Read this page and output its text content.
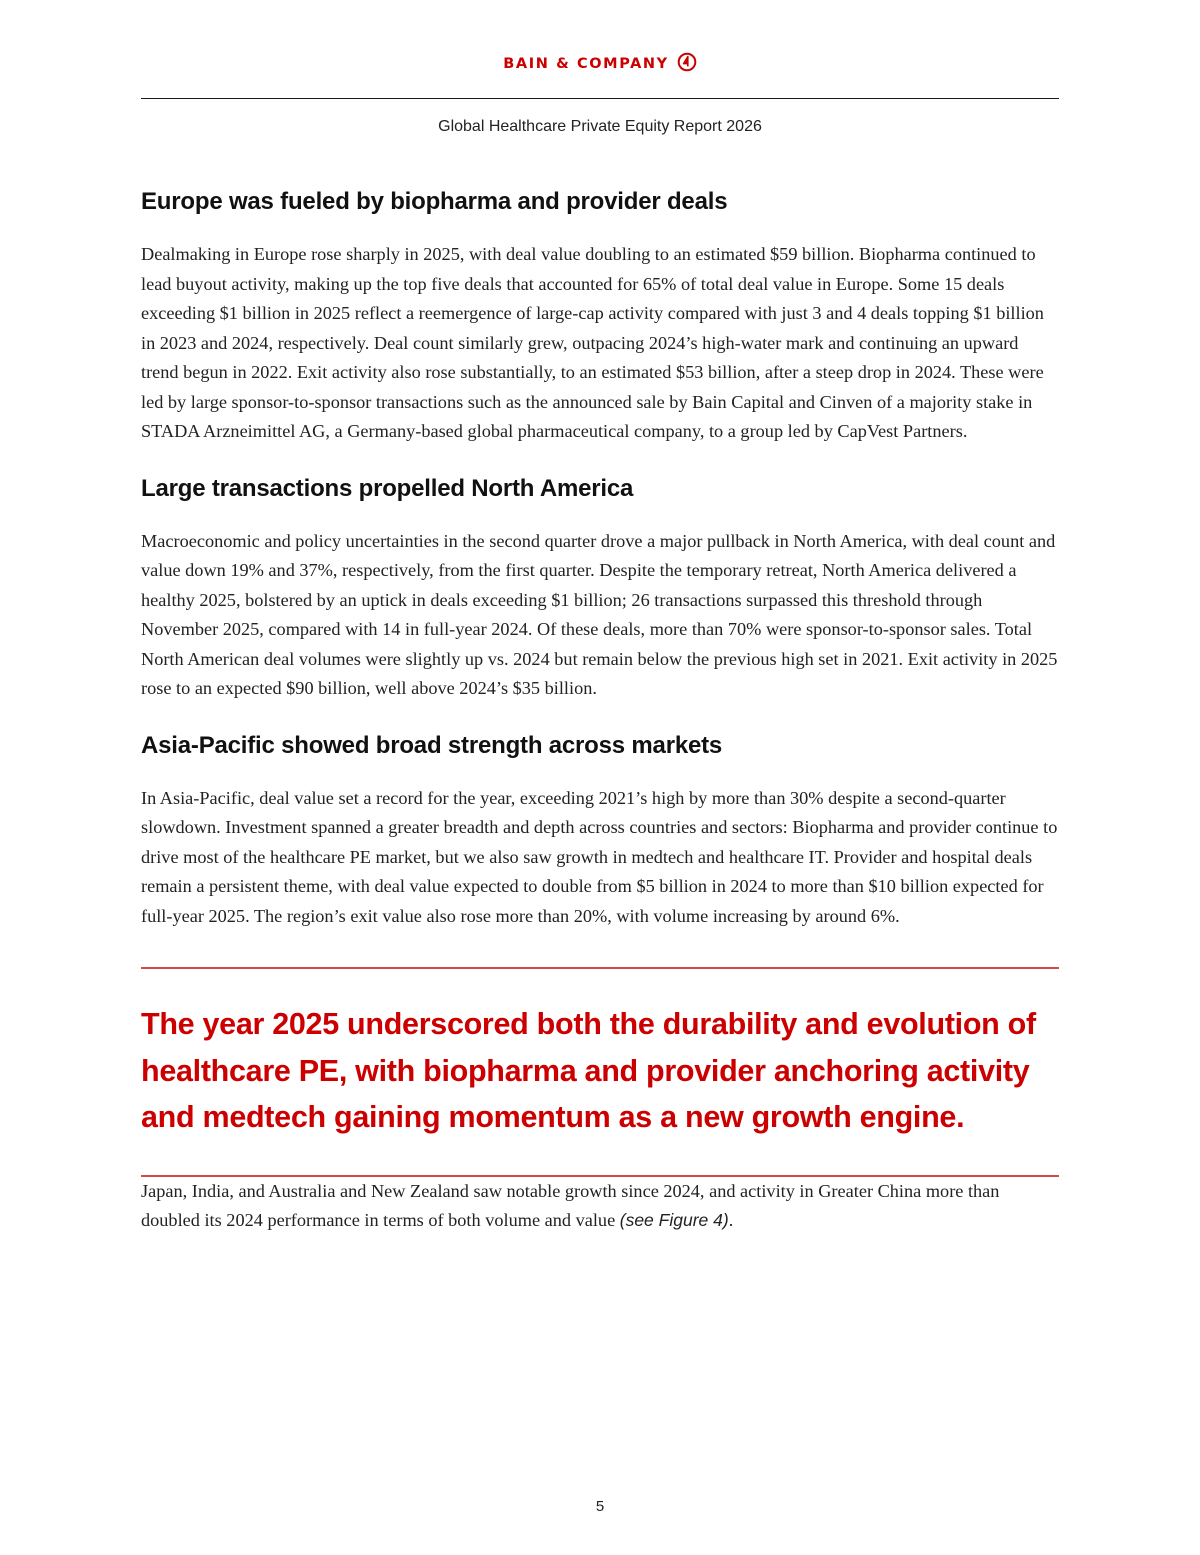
BAIN & COMPANY
Global Healthcare Private Equity Report 2026
Europe was fueled by biopharma and provider deals

Dealmaking in Europe rose sharply in 2025, with deal value doubling to an estimated $59 billion. Biopharma continued to lead buyout activity, making up the top five deals that accounted for 65% of total deal value in Europe. Some 15 deals exceeding $1 billion in 2025 reflect a reemergence of large-cap activity compared with just 3 and 4 deals topping $1 billion in 2023 and 2024, respectively. Deal count similarly grew, outpacing 2024’s high-water mark and continuing an upward trend begun in 2022. Exit activity also rose substantially, to an estimated $53 billion, after a steep drop in 2024. These were led by large sponsor-to-sponsor transactions such as the announced sale by Bain Capital and Cinven of a majority stake in STADA Arzneimittel AG, a Germany-based global pharmaceutical company, to a group led by CapVest Partners.

Large transactions propelled North America

Macroeconomic and policy uncertainties in the second quarter drove a major pullback in North America, with deal count and value down 19% and 37%, respectively, from the first quarter. Despite the temporary retreat, North America delivered a healthy 2025, bolstered by an uptick in deals exceeding $1 billion; 26 transactions surpassed this threshold through November 2025, compared with 14 in full-year 2024. Of these deals, more than 70% were sponsor-to-sponsor sales. Total North American deal volumes were slightly up vs. 2024 but remain below the previous high set in 2021. Exit activity in 2025 rose to an expected $90 billion, well above 2024’s $35 billion.

Asia-Pacific showed broad strength across markets

In Asia-Pacific, deal value set a record for the year, exceeding 2021’s high by more than 30% despite a second-quarter slowdown. Investment spanned a greater breadth and depth across countries and sectors: Biopharma and provider continue to drive most of the healthcare PE market, but we also saw growth in medtech and healthcare IT. Provider and hospital deals remain a persistent theme, with deal value expected to double from $5 billion in 2024 to more than $10 billion expected for full-year 2025. The region’s exit value also rose more than 20%, with volume increasing by around 6%.

The year 2025 underscored both the durability and evolution of healthcare PE, with biopharma and provider anchoring activity and medtech gaining momentum as a new growth engine.

Japan, India, and Australia and New Zealand saw notable growth since 2024, and activity in Greater China more than doubled its 2024 performance in terms of both volume and value (see Figure 4).

5
